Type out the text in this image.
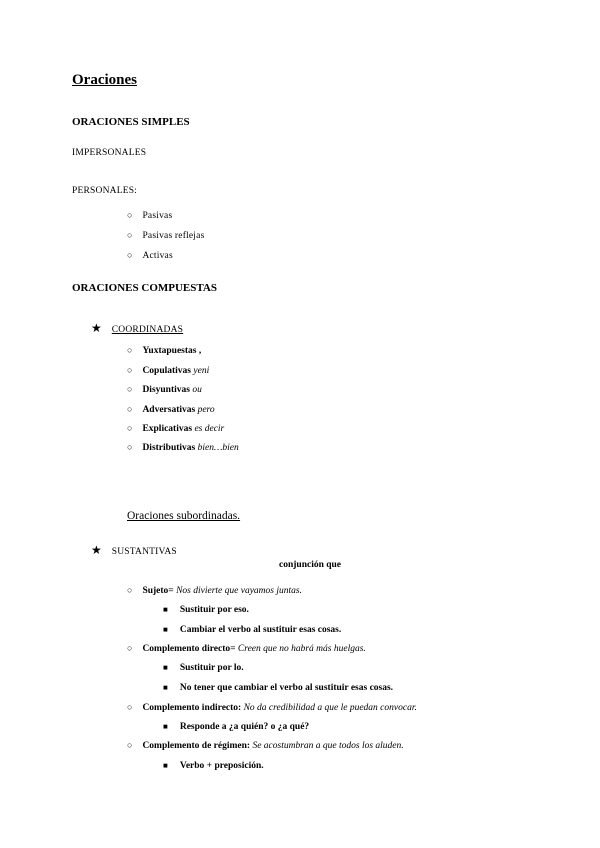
Oraciones
ORACIONES SIMPLES
IMPERSONALES
PERSONALES:
○ Pasivas
○ Pasivas reflejas
○ Activas
ORACIONES COMPUESTAS
★ COORDINADAS
○ Yuxtapuestas ,
○ Copulativas yeni
○ Disyuntivas ou
○ Adversativas pero
○ Explicativas es decir
○ Distributivas bien…bien
Oraciones subordinadas.
★ SUSTANTIVAS
conjunción que
○ Sujeto= Nos divierte que vayamos juntas.
■ Sustituir por eso.
■ Cambiar el verbo al sustituir esas cosas.
○ Complemento directo= Creen que no habrá más huelgas.
■ Sustituir por lo.
■ No tener que cambiar el verbo al sustituir esas cosas.
○ Complemento indirecto: No da credibilidad a que le puedan convocar.
■ Responde a ¿a quién? o ¿a qué?
○ Complemento de régimen: Se acostumbran a que todos los aluden.
■ Verbo + preposición.
